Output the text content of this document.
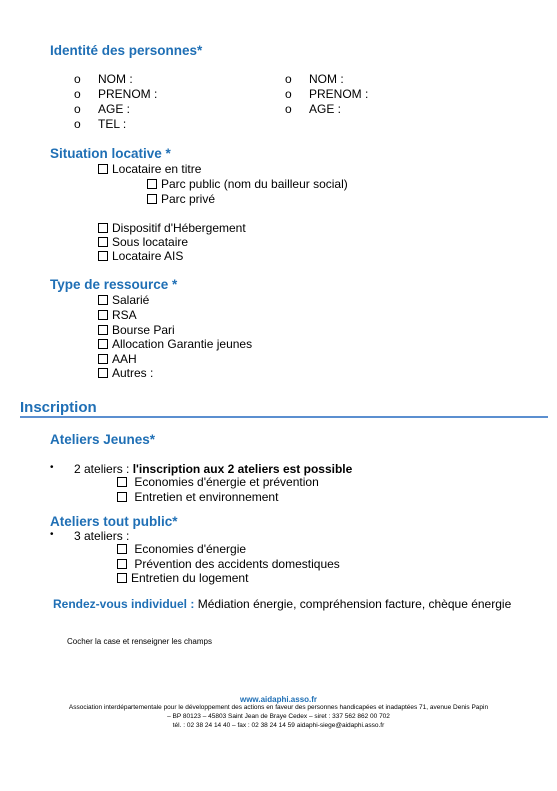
Identité des personnes*
o NOM :
o PRENOM :
o AGE :
o TEL :
o NOM :
o PRENOM :
o AGE :
Situation locative *
Locataire en titre
Parc public (nom du bailleur social)
Parc privé
Dispositif d'Hébergement
Sous locataire
Locataire AIS
Type de ressource *
Salarié
RSA
Bourse Pari
Allocation Garantie jeunes
AAH
Autres :
Inscription
Ateliers Jeunes*
• 2 ateliers : l'inscription aux 2 ateliers est possible
Economies d'énergie et prévention
Entretien et environnement
Ateliers tout public*
• 3 ateliers :
Economies d'énergie
Prévention des accidents domestiques
Entretien du logement
Rendez-vous individuel : Médiation énergie, compréhension facture, chèque énergie
Cocher la case et renseigner les champs
www.aidaphi.asso.fr
Association interdépartementale pour le développement des actions en faveur des personnes handicapées et inadaptées 71, avenue Denis Papin
– BP 80123 – 45803 Saint Jean de Braye Cedex – siret : 337 562 862 00 702
tél. : 02 38 24 14 40 – fax : 02 38 24 14 59 aidaphi-siege@aidaphi.asso.fr
